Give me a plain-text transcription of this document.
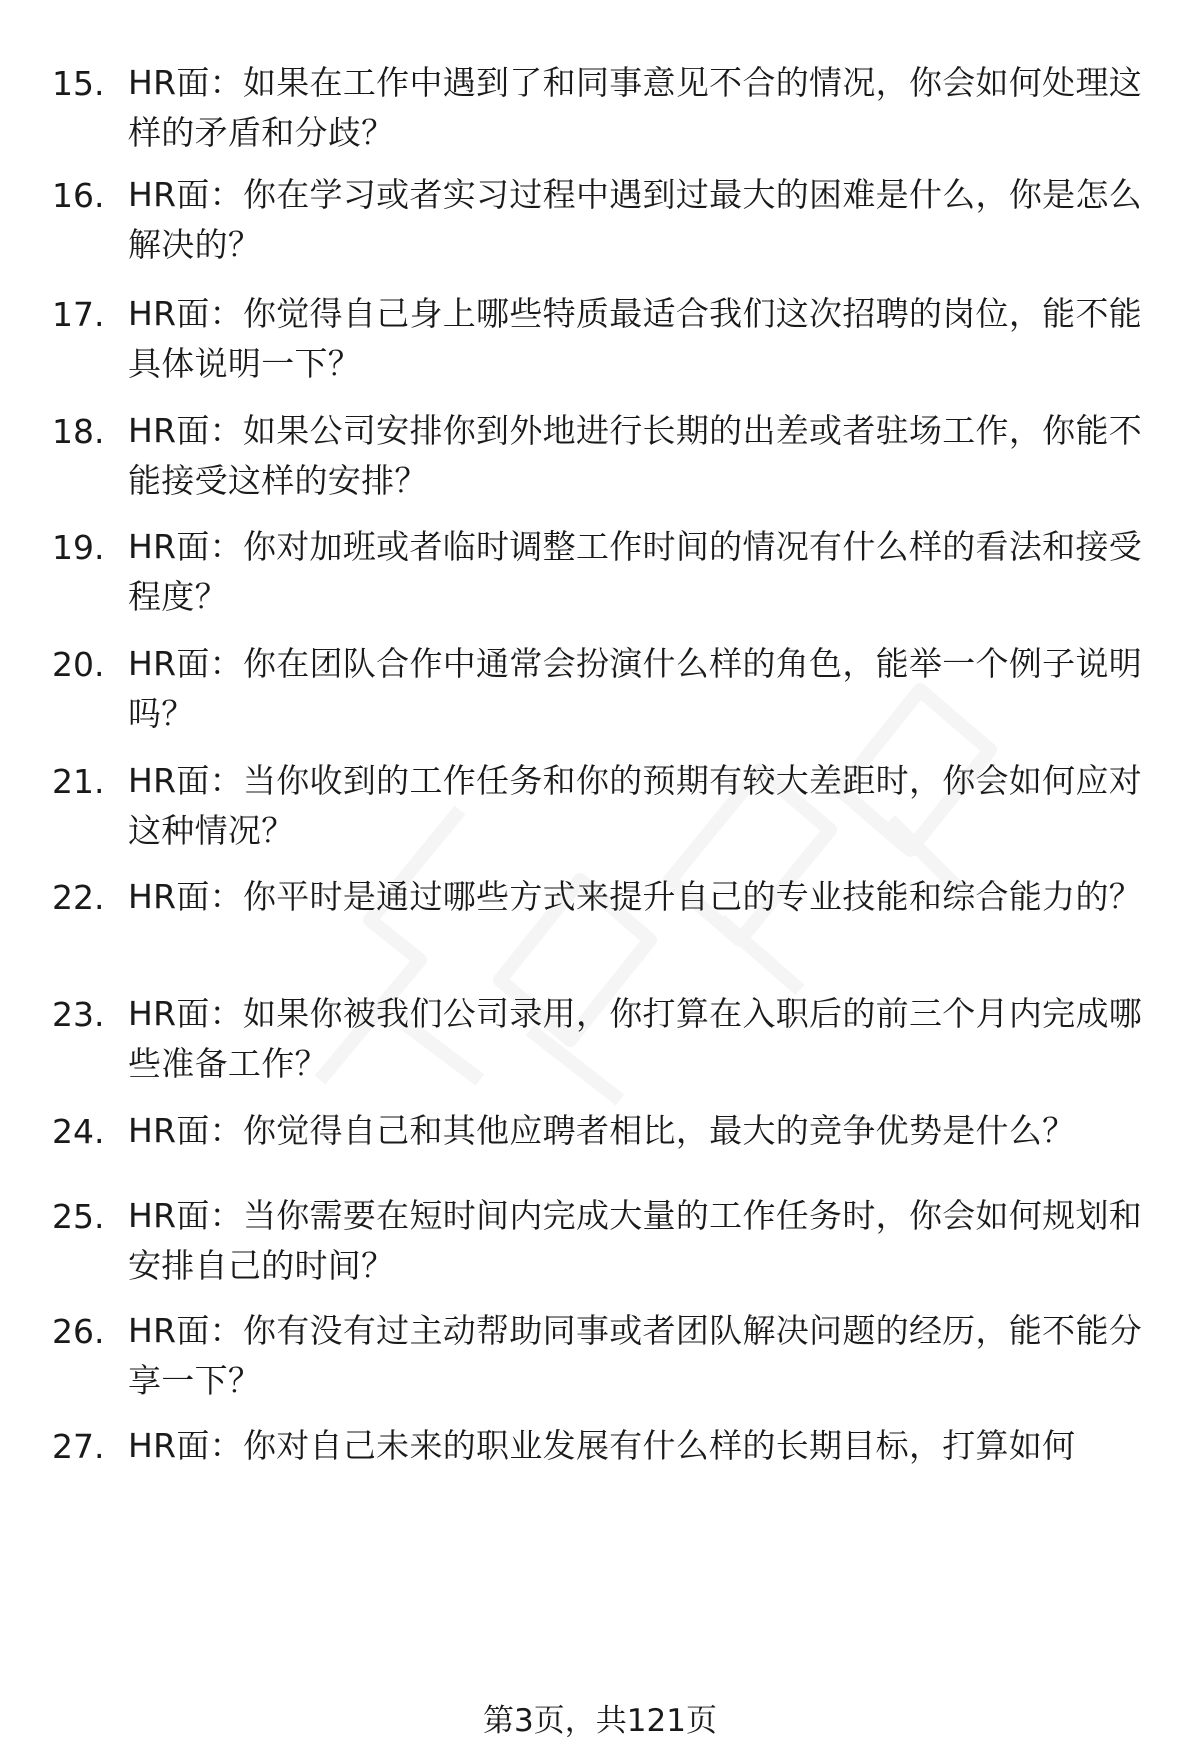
15. HR面：如果在工作中遇到了和同事意见不合的情况，你会如何处理这样的矛盾和分歧？
16. HR面：你在学习或者实习过程中遇到过最大的困难是什么，你是怎么解决的？
17. HR面：你觉得自己身上哪些特质最适合我们这次招聘的岗位，能不能具体说明一下？
18. HR面：如果公司安排你到外地进行长期的出差或者驻场工作，你能不能接受这样的安排？
19. HR面：你对加班或者临时调整工作时间的情况有什么样的看法和接受程度？
20. HR面：你在团队合作中通常会扮演什么样的角色，能举一个例子说明吗？
21. HR面：当你收到的工作任务和你的预期有较大差距时，你会如何应对这种情况？
22. HR面：你平时是通过哪些方式来提升自己的专业技能和综合能力的？
23. HR面：如果你被我们公司录用，你打算在入职后的前三个月内完成哪些准备工作？
24. HR面：你觉得自己和其他应聘者相比，最大的竞争优势是什么？
25. HR面：当你需要在短时间内完成大量的工作任务时，你会如何规划和安排自己的时间？
26. HR面：你有没有过主动帮助同事或者团队解决问题的经历，能不能分享一下？
27. HR面：你对自己未来的职业发展有什么样的长期目标，打算如何
第3页，共121页
